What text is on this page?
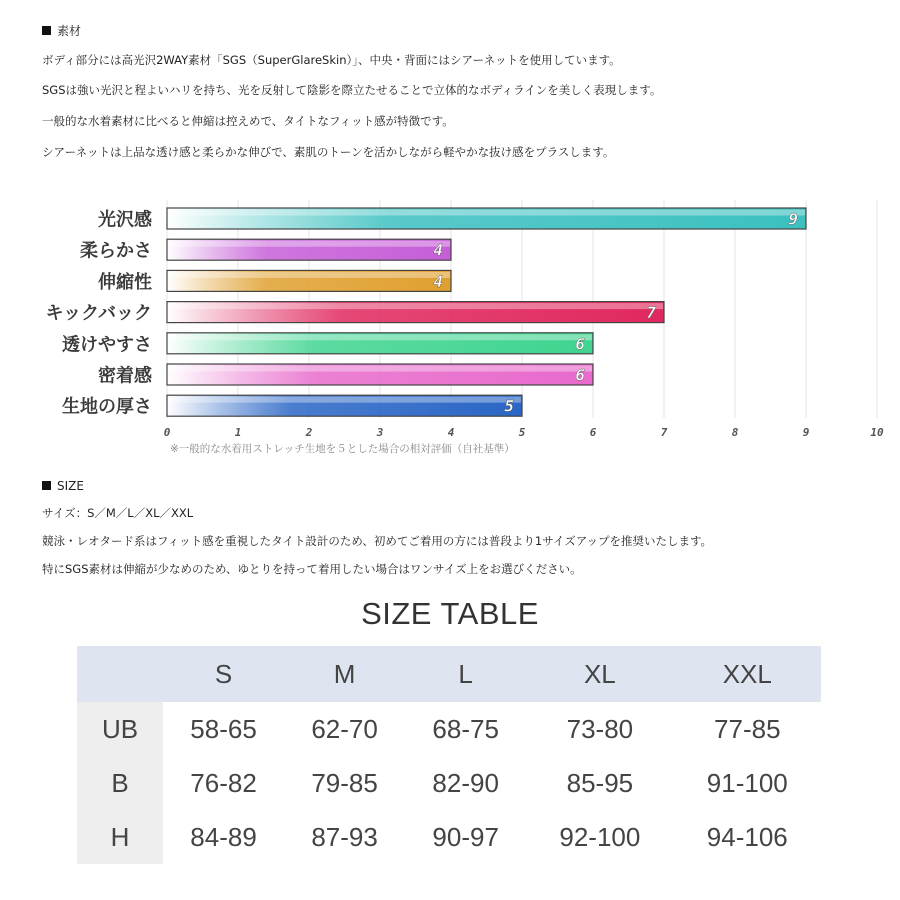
素材
ボディ部分には高光沢2WAY素材「SGS（SuperGlareSkin）」、中央・背面にはシアーネットを使用しています。
SGSは強い光沢と程よいハリを持ち、光を反射して陰影を際立たせることで立体的なボディラインを美しく表現します。
一般的な水着素材に比べると伸縮は控えめで、タイトなフィット感が特徴です。
シアーネットは上品な透け感と柔らかな伸びで、素肌のトーンを活かしながら軽やかな抜け感をプラスします。
光沢感	9
柔らかさ	4
伸縮性	4
キックバック	7
透けやすさ	6
密着感	6
生地の厚さ	5
0	1	2	3	4	5	6	7	8	9	10
※一般的な水着用ストレッチ生地を５とした場合の相対評価（自社基準）
SIZE
サイズ：S／M／L／XL／XXL
競泳・レオタード系はフィット感を重視したタイト設計のため、初めてご着用の方には普段より1サイズアップを推奨いたします。
特にSGS素材は伸縮が少なめのため、ゆとりを持って着用したい場合はワンサイズ上をお選びください。
SIZE TABLE
	S	M	L	XL	XXL
UB	58-65	62-70	68-75	73-80	77-85
B	76-82	79-85	82-90	85-95	91-100
H	84-89	87-93	90-97	92-100	94-106
